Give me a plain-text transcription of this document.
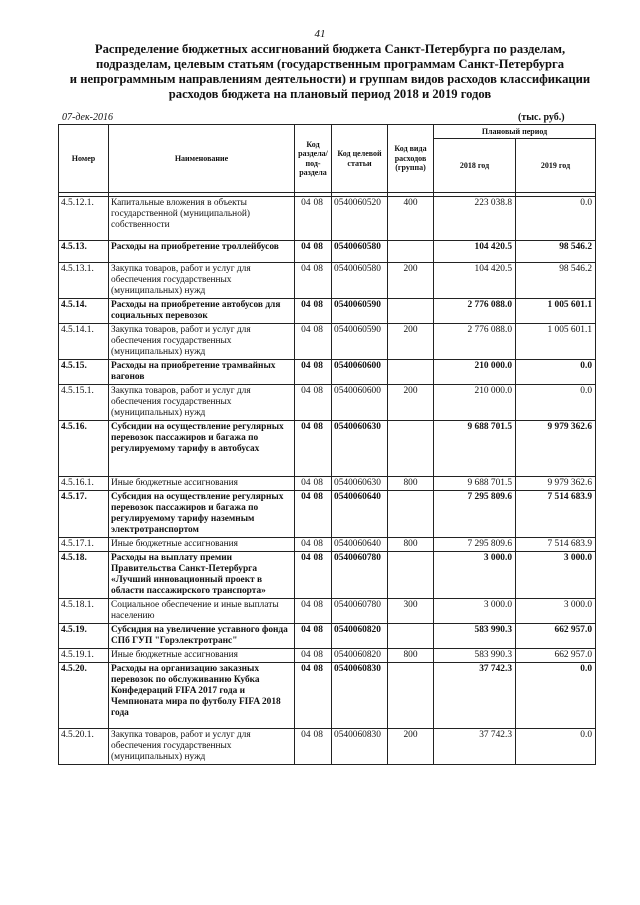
41
Распределение бюджетных ассигнований бюджета Санкт-Петербурга по разделам,
подразделам, целевым статьям (государственным программам Санкт-Петербурга
и непрограммным направлениям деятельности) и группам видов расходов классификации
расходов бюджета на плановый период 2018 и 2019 годов
07-дек-2016	(тыс. руб.)
Номер	Наименование	Код раздела/ под-раздела		Код целевой статьи	Код вида расходов (группа)	Плановый период	
						2018 год	2019 год

4.5.12.1.	Капитальные вложения в объекты государственной (муниципальной) собственности	04	08	0540060520	400	223 038.8	0.0
4.5.13.	Расходы на приобретение троллейбусов	04	08	0540060580		104 420.5	98 546.2
4.5.13.1.	Закупка товаров, работ и услуг для обеспечения государственных (муниципальных) нужд	04	08	0540060580	200	104 420.5	98 546.2
4.5.14.	Расходы на приобретение автобусов для социальных перевозок	04	08	0540060590		2 776 088.0	1 005 601.1
4.5.14.1.	Закупка товаров, работ и услуг для обеспечения государственных (муниципальных) нужд	04	08	0540060590	200	2 776 088.0	1 005 601.1
4.5.15.	Расходы на приобретение трамвайных вагонов	04	08	0540060600		210 000.0	0.0
4.5.15.1.	Закупка товаров, работ и услуг для обеспечения государственных (муниципальных) нужд	04	08	0540060600	200	210 000.0	0.0
4.5.16.	Субсидии на осуществление регулярных перевозок пассажиров и багажа по регулируемому тарифу в автобусах	04	08	0540060630		9 688 701.5	9 979 362.6
4.5.16.1.	Иные бюджетные ассигнования	04	08	0540060630	800	9 688 701.5	9 979 362.6
4.5.17.	Субсидия на осуществление регулярных перевозок пассажиров и багажа по регулируемому тарифу наземным электротранспортом	04	08	0540060640		7 295 809.6	7 514 683.9
4.5.17.1.	Иные бюджетные ассигнования	04	08	0540060640	800	7 295 809.6	7 514 683.9
4.5.18.	Расходы на выплату премии Правительства Санкт-Петербурга «Лучший инновационный проект в области пассажирского транспорта»	04	08	0540060780		3 000.0	3 000.0
4.5.18.1.	Социальное обеспечение и иные выплаты населению	04	08	0540060780	300	3 000.0	3 000.0
4.5.19.	Субсидия на увеличение уставного фонда СПб ГУП "Горэлектротранс"	04	08	0540060820		583 990.3	662 957.0
4.5.19.1.	Иные бюджетные ассигнования	04	08	0540060820	800	583 990.3	662 957.0
4.5.20.	Расходы на организацию заказных перевозок по обслуживанию Кубка Конфедераций FIFA 2017 года и Чемпионата мира по футболу FIFA 2018 года	04	08	0540060830		37 742.3	0.0
4.5.20.1.	Закупка товаров, работ и услуг для обеспечения государственных (муниципальных) нужд	04	08	0540060830	200	37 742.3	0.0
